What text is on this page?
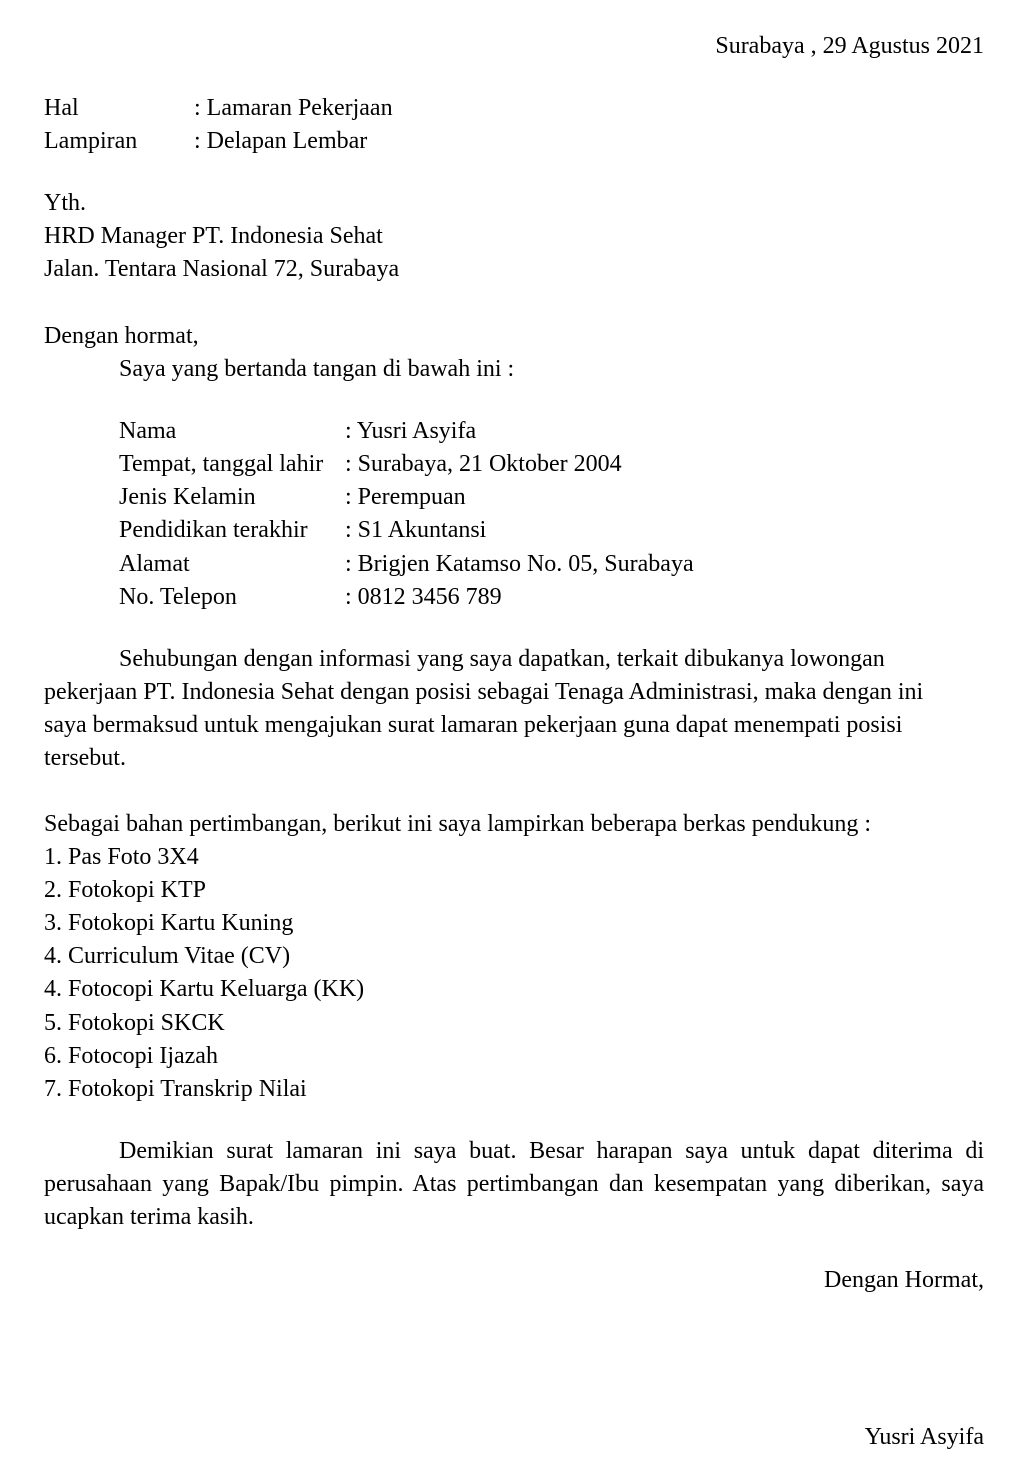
Surabaya , 29 Agustus 2021
Hal	: Lamaran Pekerjaan
Lampiran : Delapan Lembar
Yth.
HRD Manager PT. Indonesia Sehat
Jalan. Tentara Nasional 72, Surabaya
Dengan hormat,
Saya yang bertanda tangan di bawah ini :
Nama	: Yusri Asyifa
Tempat, tanggal lahir : Surabaya, 21 Oktober 2004
Jenis Kelamin	: Perempuan
Pendidikan terakhir : S1 Akuntansi
Alamat	: Brigjen Katamso No. 05, Surabaya
No. Telepon	: 0812 3456 789
Sehubungan dengan informasi yang saya dapatkan, terkait dibukanya lowongan
pekerjaan PT. Indonesia Sehat dengan posisi sebagai Tenaga Administrasi, maka dengan ini
saya bermaksud untuk mengajukan surat lamaran pekerjaan guna dapat menempati posisi
tersebut.
Sebagai bahan pertimbangan, berikut ini saya lampirkan beberapa berkas pendukung :
1. Pas Foto 3X4
2. Fotokopi KTP
3. Fotokopi Kartu Kuning
4. Curriculum Vitae (CV)
4. Fotocopi Kartu Keluarga (KK)
5. Fotokopi SKCK
6. Fotocopi Ijazah
7. Fotokopi Transkrip Nilai

Demikian surat lamaran ini saya buat. Besar harapan saya untuk dapat diterima di perusahaan yang Bapak/Ibu pimpin. Atas pertimbangan dan kesempatan yang diberikan, saya ucapkan terima kasih.

Dengan Hormat,
Yusri Asyifa
